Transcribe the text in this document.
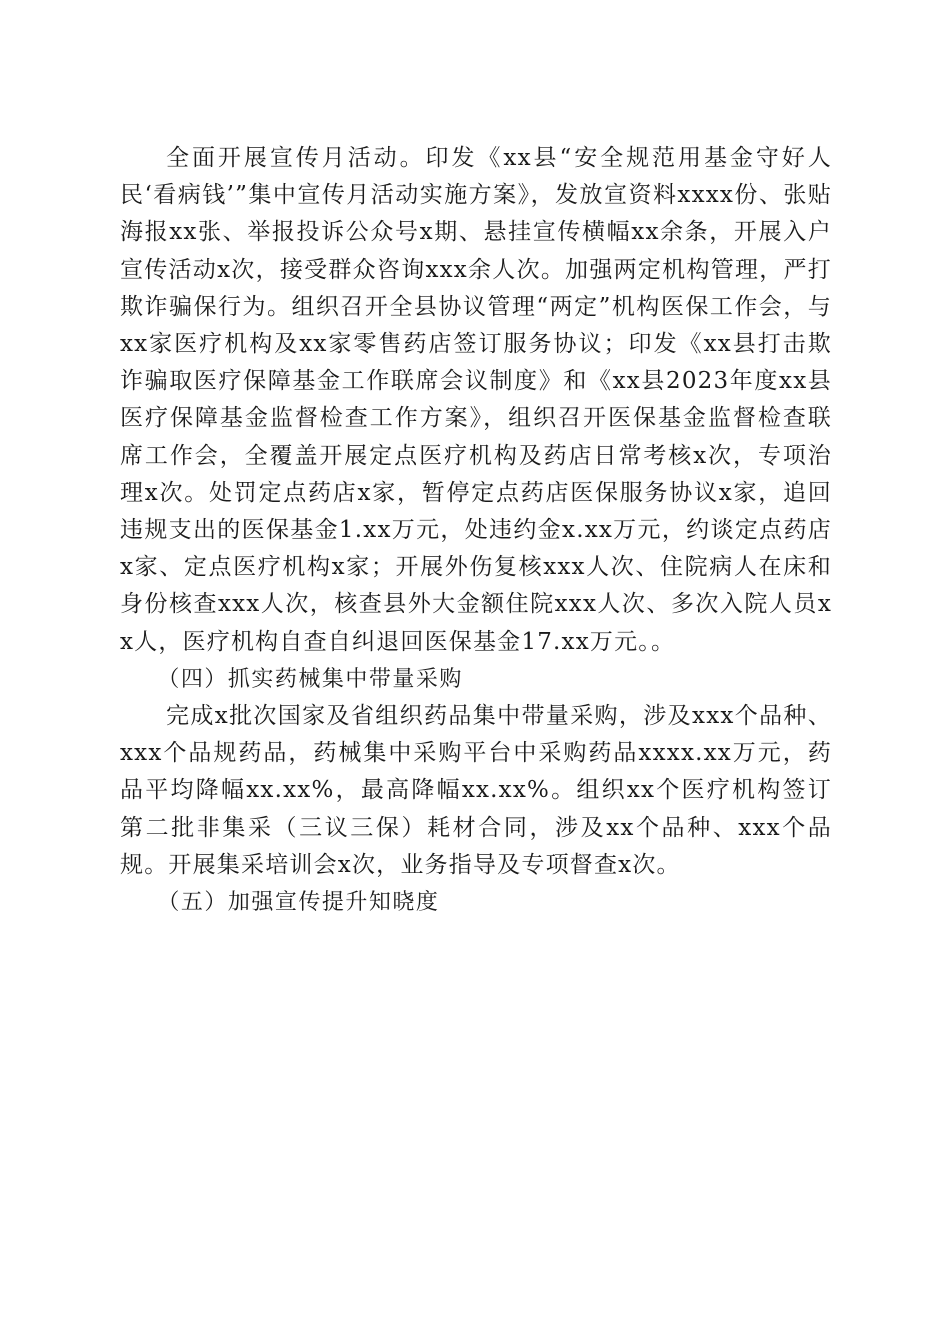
全面开展宣传月活动。印发《xx县“安全规范用基金守好人民‘看病钱’”集中宣传月活动实施方案》，发放宣资料xxxx份、张贴海报xx张、举报投诉公众号x期、悬挂宣传横幅xx余条，开展入户宣传活动x次，接受群众咨询xxx余人次。加强两定机构管理，严打欺诈骗保行为。组织召开全县协议管理“两定”机构医保工作会，与xx家医疗机构及xx家零售药店签订服务协议；印发《xx县打击欺诈骗取医疗保障基金工作联席会议制度》和《xx县2023年度xx县医疗保障基金监督检查工作方案》，组织召开医保基金监督检查联席工作会，全覆盖开展定点医疗机构及药店日常考核x次，专项治理x次。处罚定点药店x家，暂停定点药店医保服务协议x家，追回违规支出的医保基金1.xx万元，处违约金x.xx万元，约谈定点药店x家、定点医疗机构x家；开展外伤复核xxx人次、住院病人在床和身份核查xxx人次，核查县外大金额住院xxx人次、多次入院人员xx人，医疗机构自查自纠退回医保基金17.xx万元。。

（四）抓实药械集中带量采购

完成x批次国家及省组织药品集中带量采购，涉及xxx个品种、xxx个品规药品，药械集中采购平台中采购药品xxxx.xx万元，药品平均降幅xx.xx%，最高降幅xx.xx%。组织xx个医疗机构签订第二批非集采（三议三保）耗材合同，涉及xx个品种、xxx个品规。开展集采培训会x次，业务指导及专项督查x次。

（五）加强宣传提升知晓度
